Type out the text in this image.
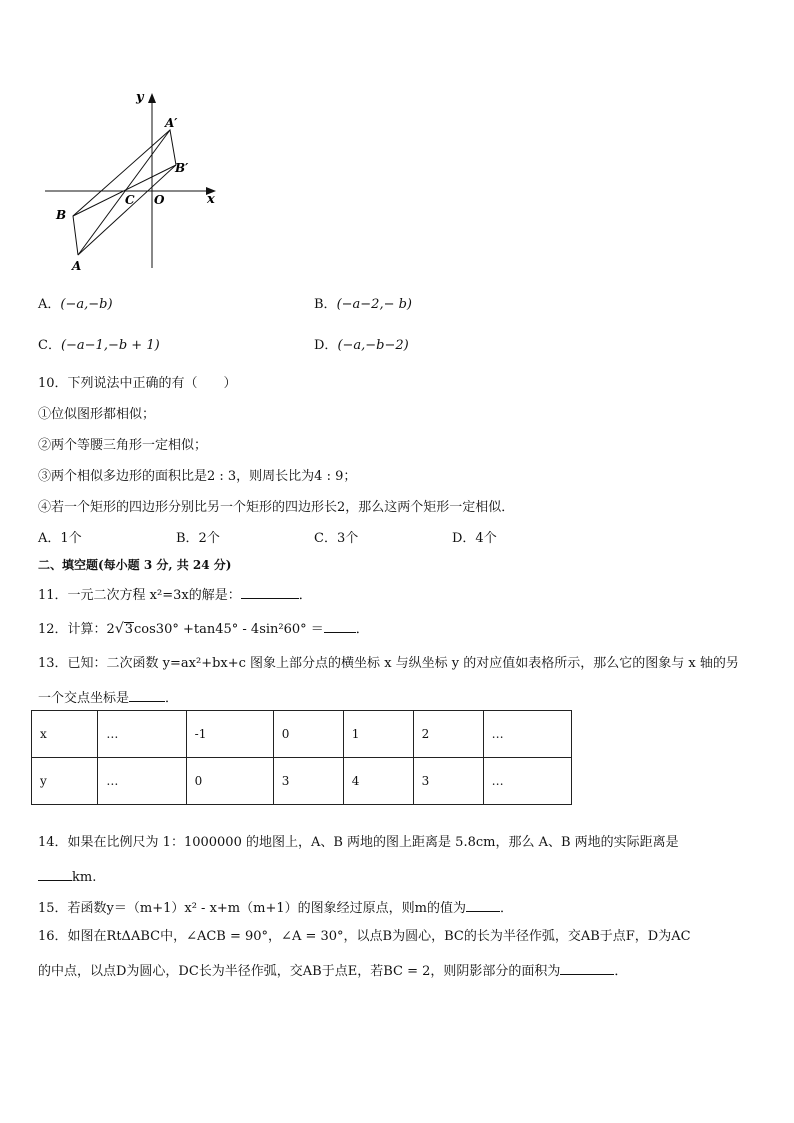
y
x
O
C
B
A
A′
B′
A．(−a,−b)	B．(−a−2,− b)
C．(−a−1,−b + 1)	D．(−a,−b−2)
10．下列说法中正确的有（　　）
①位似图形都相似；
②两个等腰三角形一定相似；
③两个相似多边形的面积比是2 : 3，则周长比为4 : 9；
④若一个矩形的四边形分别比另一个矩形的四边形长2，那么这两个矩形一定相似．
A．1个	B．2个	C．3个	D．4个
二、填空题(每小题 3 分, 共 24 分)
11．一元二次方程 x²=3x的解是：	．
12．计算：2√3cos30° +tan45° - 4sin²60° ＝ ．
13．已知：二次函数 y=ax²+bx+c 图象上部分点的横坐标 x 与纵坐标 y 的对应值如表格所示，那么它的图象与 x 轴的另
一个交点坐标是	．
x	…	-1	0	1	2	…
y	…	0	3	4	3	…
14．如果在比例尺为 1：1000000 的地图上，A、B 两地的图上距离是 5.8cm，那么 A、B 两地的实际距离是
km.
15．若函数y＝（m+1）x² - x+m（m+1）的图象经过原点，则m的值为	．
16．如图在RtΔABC中，∠ACB = 90°，∠A = 30°，以点B为圆心，BC的长为半径作弧，交AB于点F，D为AC
的中点，以点D为圆心，DC长为半径作弧，交AB于点E，若BC = 2，则阴影部分的面积为	．
